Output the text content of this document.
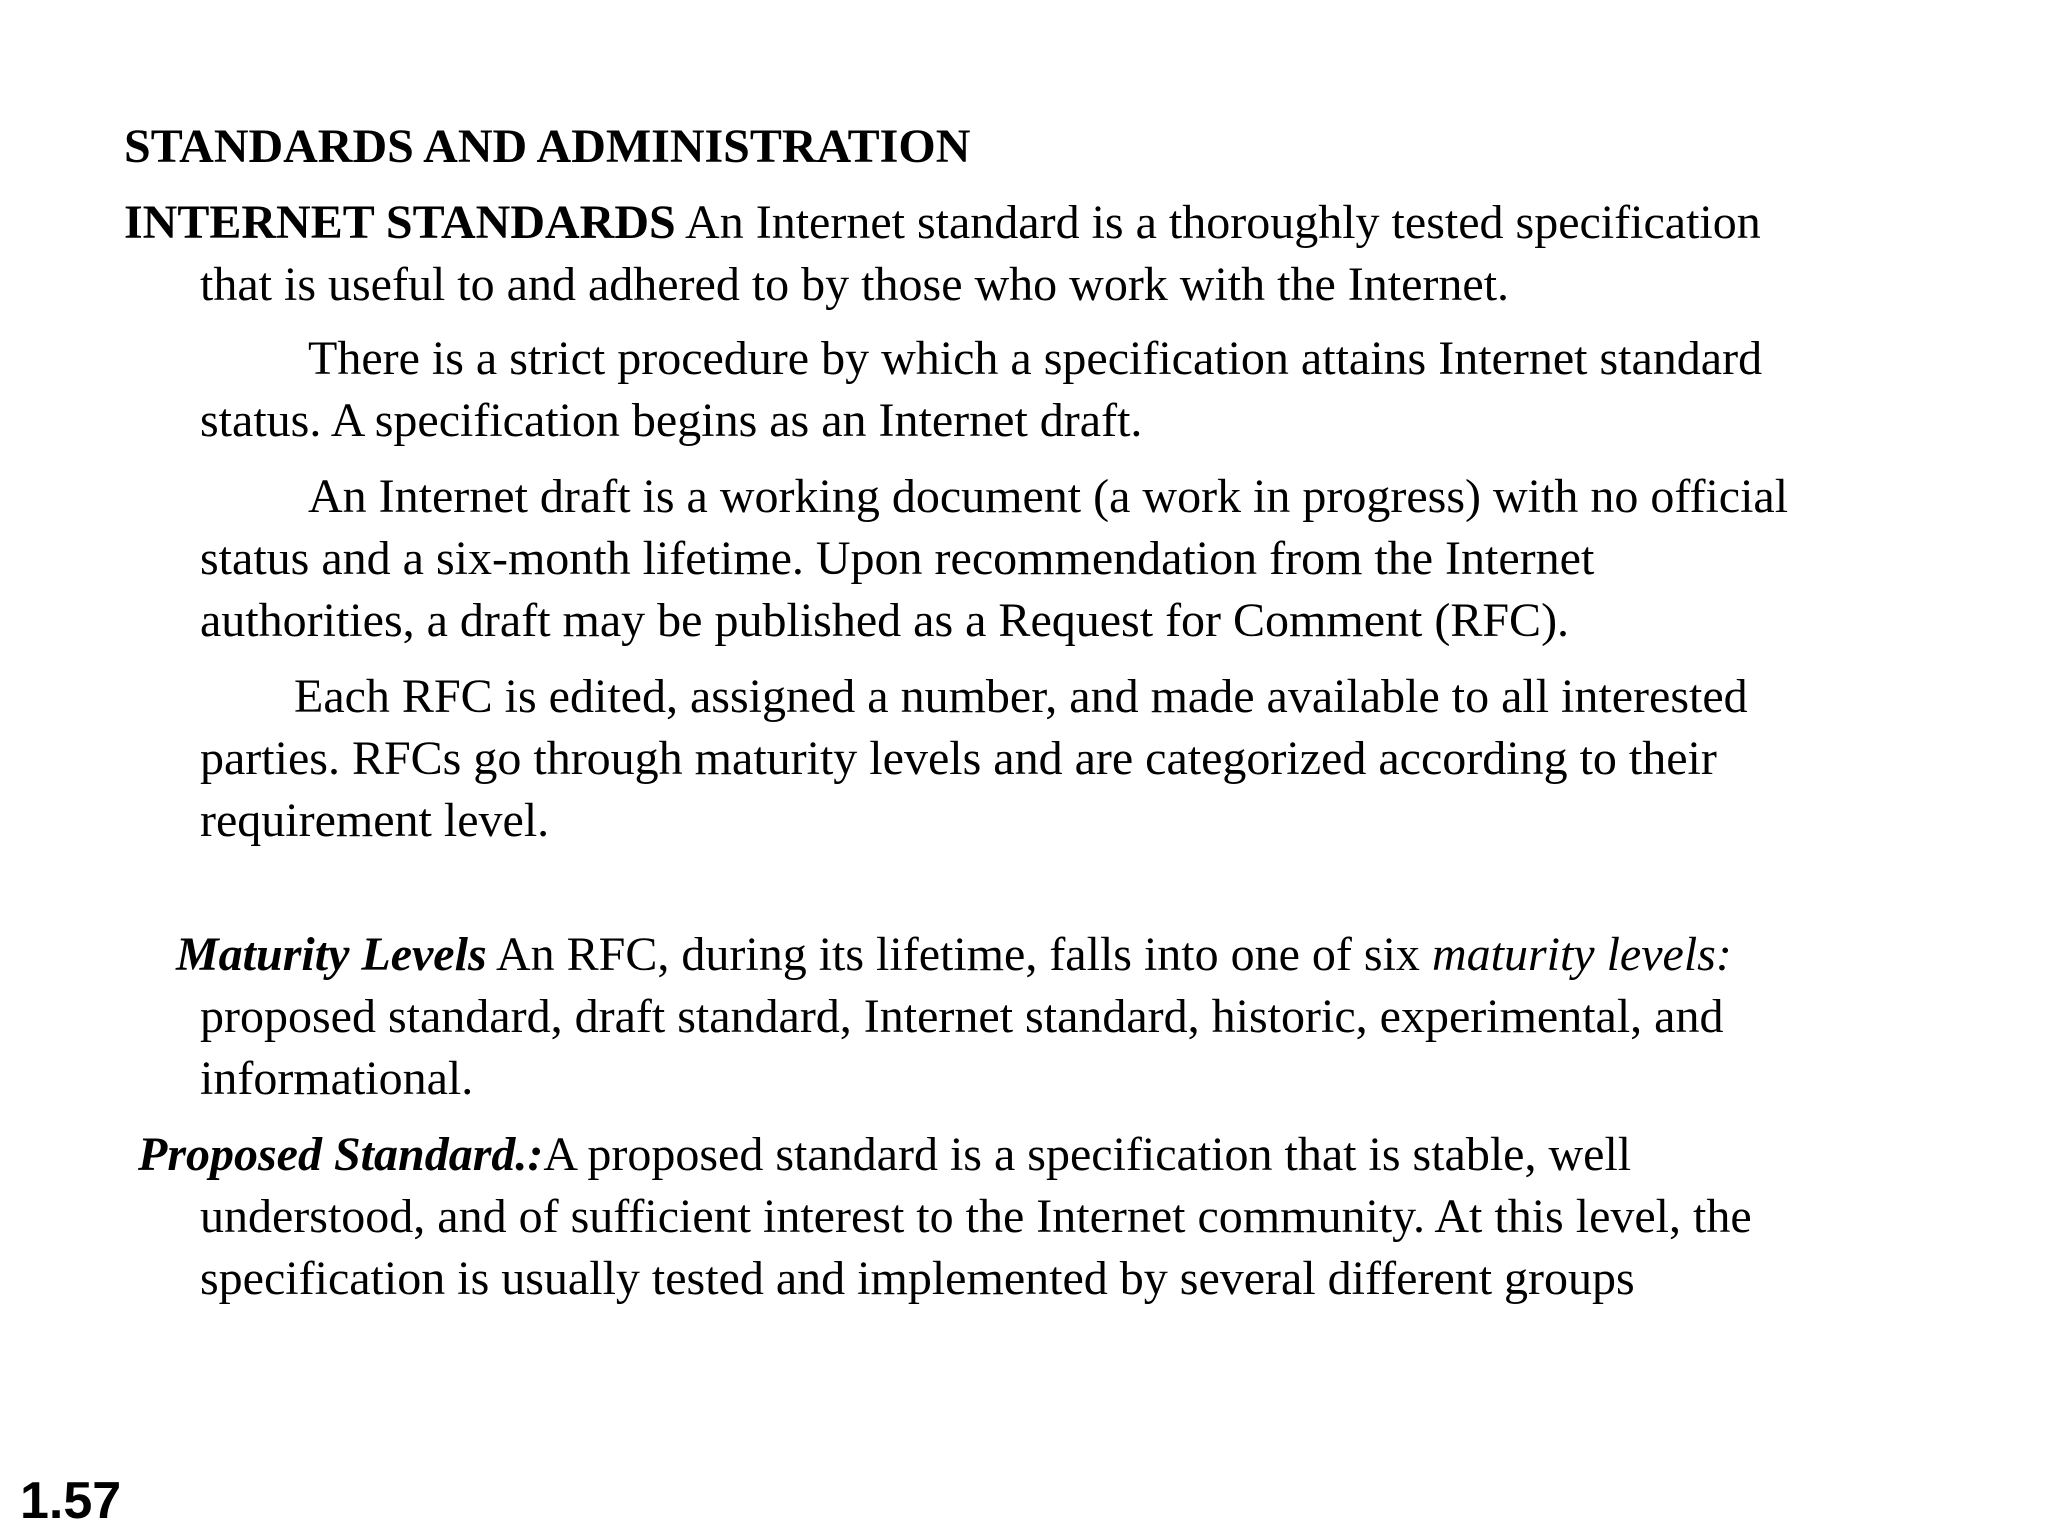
STANDARDS AND ADMINISTRATION
INTERNET STANDARDS An Internet standard is a thoroughly tested specification
that is useful to and adhered to by those who work with the Internet.
There is a strict procedure by which a specification attains Internet standard
status. A specification begins as an Internet draft.
An Internet draft is a working document (a work in progress) with no official
status and a six-month lifetime. Upon recommendation from the Internet
authorities, a draft may be published as a Request for Comment (RFC).
Each RFC is edited, assigned a number, and made available to all interested
parties. RFCs go through maturity levels and are categorized according to their
requirement level.
Maturity Levels An RFC, during its lifetime, falls into one of six maturity levels:
proposed standard, draft standard, Internet standard, historic, experimental, and
informational.
Proposed Standard.:A proposed standard is a specification that is stable, well
understood, and of sufficient interest to the Internet community. At this level, the
specification is usually tested and implemented by several different groups
1.57
